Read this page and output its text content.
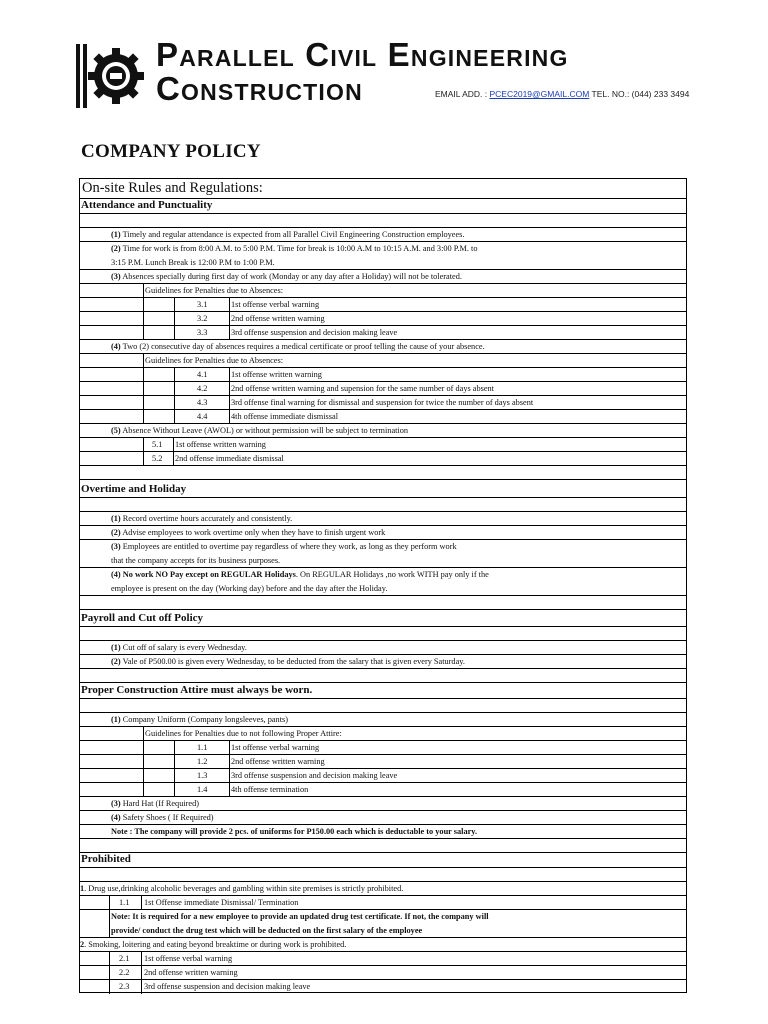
Parallel Civil Engineering
Construction	EMAIL ADD. : PCEC2019@GMAIL.COM TEL. NO.: (044) 233 3494
COMPANY POLICY
On-site Rules and Regulations:
Attendance and Punctuality
(1) Timely and regular attendance is expected from all Parallel Civil Engineering Construction employees.
(2) Time for work is from 8:00 A.M. to 5:00 P.M. Time for break is 10:00 A.M to 10:15 A.M. and 3:00 P.M. to
3:15 P.M. Lunch Break is 12:00 P.M to 1:00 P.M.
(3) Absences specially during first day of work (Monday or any day after a Holiday) will not be tolerated.
Guidelines for Penalties due to Absences:
3.1	1st offense verbal warning
3.2	2nd offense written warning
3.3	3rd offense suspension and decision making leave
(4) Two (2) consecutive day of absences requires a medical certificate or proof telling the cause of your absence.
Guidelines for Penalties due to Absences:
4.1	1st offense written warning
4.2	2nd offense written warning and supension for the same number of days absent
4.3	3rd offense final warning for dismissal and suspension for twice the number of days absent
4.4	4th offense immediate dismissal
(5) Absence Without Leave (AWOL) or without permission will be subject to termination
5.1 1st offense written warning
5.2 2nd offense immediate dismissal
Overtime and Holiday
(1) Record overtime hours accurately and consistently.
(2) Advise employees to work overtime only when they have to finish urgent work
(3) Employees are entitled to overtime pay regardless of where they work, as long as they perform work
that the company accepts for its business purposes.
(4) No work NO Pay except on REGULAR Holidays. On REGULAR Holidays ,no work WITH pay only if the
employee is present on the day (Working day) before and the day after the Holiday.
Payroll and Cut off Policy
(1) Cut off of salary is every Wednesday.
(2) Vale of P500.00 is given every Wednesday, to be deducted from the salary that is given every Saturday.
Proper Construction Attire must always be worn.
(1) Company Uniform (Company longsleeves, pants)
Guidelines for Penalties due to not following Proper Attire:
1.1	1st offense verbal warning
1.2	2nd offense written warning
1.3	3rd offense suspension and decision making leave
1.4	4th offense termination
(3) Hard Hat (If Required)
(4) Safety Shoes ( If Required)
Note : The company will provide 2 pcs. of uniforms for P150.00 each which is deductable to your salary.
Prohibited
1. Drug use,drinking alcoholic beverages and gambling within site premises is strictly prohibited.
1.1 1st Offense immediate Dismissal/ Termination
Note: It is required for a new employee to provide an updated drug test certificate. If not, the company will
provide/ conduct the drug test which will be deducted on the first salary of the employee
2. Smoking, loitering and eating beyond breaktime or during work is prohibited.
2.1 1st offense verbal warning
2.2 2nd offense written warning
2.3 3rd offense suspension and decision making leave
